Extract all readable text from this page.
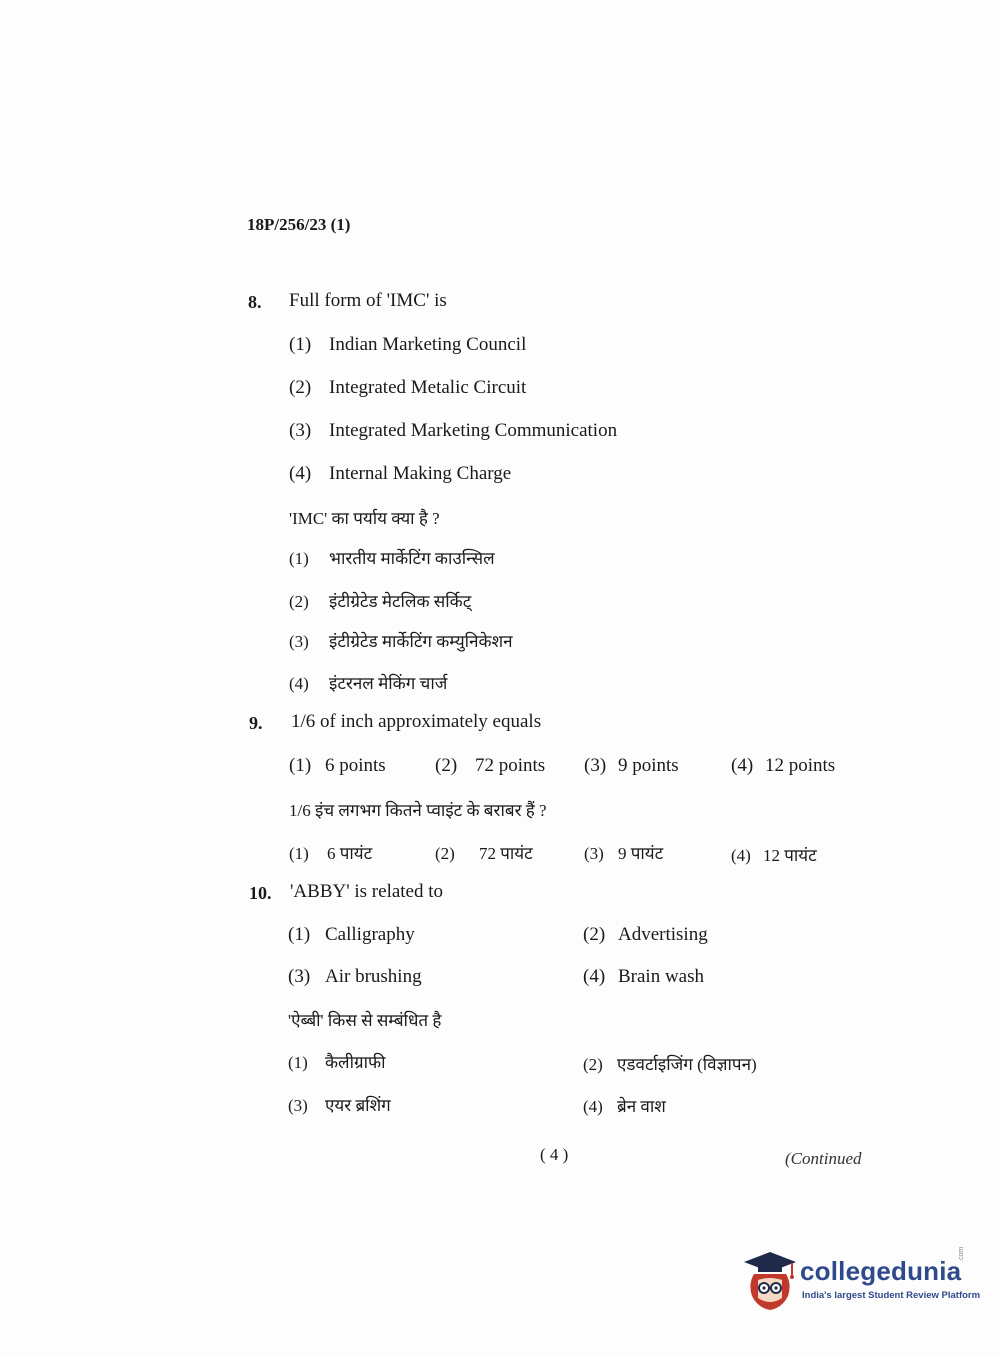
18P/256/23 (1)
8. Full form of 'IMC' is
(1) Indian Marketing Council
(2) Integrated Metalic Circuit
(3) Integrated Marketing Communication
(4) Internal Making Charge
'IMC' का पर्याय क्या है ?
(1) भारतीय मार्केटिंग काउन्सिल
(2) इंटीग्रेटेड मेटलिक सर्किट्
(3) इंटीग्रेटेड मार्केटिंग कम्युनिकेशन
(4) इंटरनल मेकिंग चार्ज
9. 1/6 of inch approximately equals
(1) 6 points	(2) 72 points (3) 9 points	(4) 12 points
1/6 इंच लगभग कितने प्वाइंट के बराबर हैं ?
(1) 6 पायंट	(2) 72 पायंट	(3) 9 पायंट	(4) 12 पायंट
10. 'ABBY' is related to
(1) Calligraphy	(2) Advertising
(3) Air brushing	(4) Brain wash
'ऐब्बी' किस से सम्बंधित है
(1) कैलीग्राफी	(2) एडवर्टाइजिंग (विज्ञापन)
(3) एयर ब्रशिंग	(4) ब्रेन वाश
( 4 )	(Continued
collegedunia
.com
India's largest Student Review Platform
